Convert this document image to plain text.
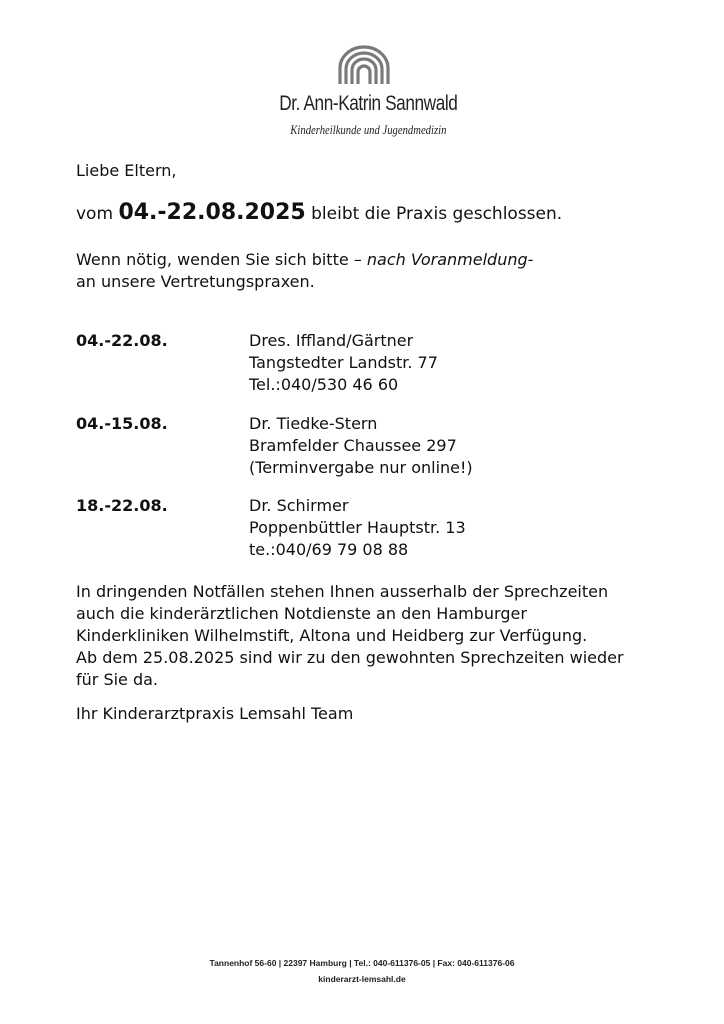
Dr. Ann-Katrin Sannwald
Kinderheilkunde und Jugendmedizin

Liebe Eltern,

vom 04.-22.08.2025 bleibt die Praxis geschlossen.

Wenn nötig, wenden Sie sich bitte – nach Voranmeldung-
an unsere Vertretungspraxen.

04.-22.08.	Dres. Iffland/Gärtner
Tangstedter Landstr. 77
Tel.:040/530 46 60
04.-15.08.	Dr. Tiedke-Stern
Bramfelder Chaussee 297
(Terminvergabe nur online!)
18.-22.08.	Dr. Schirmer
Poppenbüttler Hauptstr. 13
te.:040/69 79 08 88

In dringenden Notfällen stehen Ihnen ausserhalb der Sprechzeiten
auch die kinderärztlichen Notdienste an den Hamburger
Kinderkliniken Wilhelmstift, Altona und Heidberg zur Verfügung.
Ab dem 25.08.2025 sind wir zu den gewohnten Sprechzeiten wieder
für Sie da.

Ihr Kinderarztpraxis Lemsahl Team

Tannenhof 56-60 | 22397 Hamburg | Tel.: 040-611376-05 | Fax: 040-611376-06
kinderarzt-lemsahl.de
